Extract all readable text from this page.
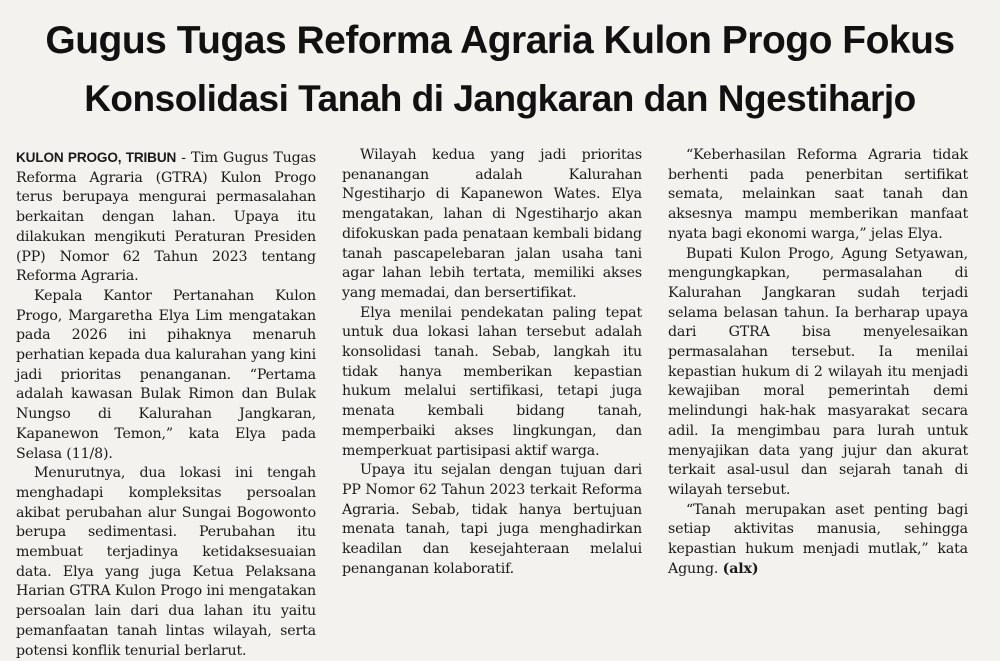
Gugus Tugas Reforma Agraria Kulon Progo Fokus
Konsolidasi Tanah di Jangkaran dan Ngestiharjo

KULON PROGO, TRIBUN - Tim Gugus Tugas Reforma Agraria (GTRA) Kulon Progo terus berupaya mengurai permasalahan berkaitan dengan lahan. Upaya itu dilakukan mengikuti Peraturan Presiden (PP) Nomor 62 Tahun 2023 tentang Reforma Agraria.

Kepala Kantor Pertanahan Kulon Progo, Margaretha Elya Lim mengatakan pada 2026 ini pihaknya menaruh perhatian kepada dua kalurahan yang kini jadi prioritas penanganan. “Pertama adalah kawasan Bulak Rimon dan Bulak Nungso di Kalurahan Jangkaran, Kapanewon Temon,” kata Elya pada Selasa (11/8).

Menurutnya, dua lokasi ini tengah menghadapi kompleksitas persoalan akibat perubahan alur Sungai Bogowonto berupa sedimentasi. Perubahan itu membuat terjadinya ketidaksesuaian data. Elya yang juga Ketua Pelaksana Harian GTRA Kulon Progo ini mengatakan persoalan lain dari dua lahan itu yaitu pemanfaatan tanah lintas wilayah, serta potensi konflik tenurial berlarut.

Wilayah kedua yang jadi prioritas penanangan adalah Kalurahan Ngestiharjo di Kapanewon Wates. Elya mengatakan, lahan di Ngestiharjo akan difokuskan pada penataan kembali bidang tanah pascapelebaran jalan usaha tani agar lahan lebih tertata, memiliki akses yang memadai, dan bersertifikat.

Elya menilai pendekatan paling tepat untuk dua lokasi lahan tersebut adalah konsolidasi tanah. Sebab, langkah itu tidak hanya memberikan kepastian hukum melalui sertifikasi, tetapi juga menata kembali bidang tanah, memperbaiki akses lingkungan, dan memperkuat partisipasi aktif warga.

Upaya itu sejalan dengan tujuan dari PP Nomor 62 Tahun 2023 terkait Reforma Agraria. Sebab, tidak hanya bertujuan menata tanah, tapi juga menghadirkan keadilan dan kesejahteraan melalui penanganan kolaboratif.

“Keberhasilan Reforma Agraria tidak berhenti pada penerbitan sertifikat semata, melainkan saat tanah dan aksesnya mampu memberikan manfaat nyata bagi ekonomi warga,” jelas Elya.

Bupati Kulon Progo, Agung Setyawan, mengungkapkan, permasalahan di Kalurahan Jangkaran sudah terjadi selama belasan tahun. Ia berharap upaya dari GTRA bisa menyelesaikan permasalahan tersebut. Ia menilai kepastian hukum di 2 wilayah itu menjadi kewajiban moral pemerintah demi melindungi hak-hak masyarakat secara adil. Ia mengimbau para lurah untuk menyajikan data yang jujur dan akurat terkait asal-usul dan sejarah tanah di wilayah tersebut.

“Tanah merupakan aset penting bagi setiap aktivitas manusia, sehingga kepastian hukum menjadi mutlak,” kata Agung. (alx)
